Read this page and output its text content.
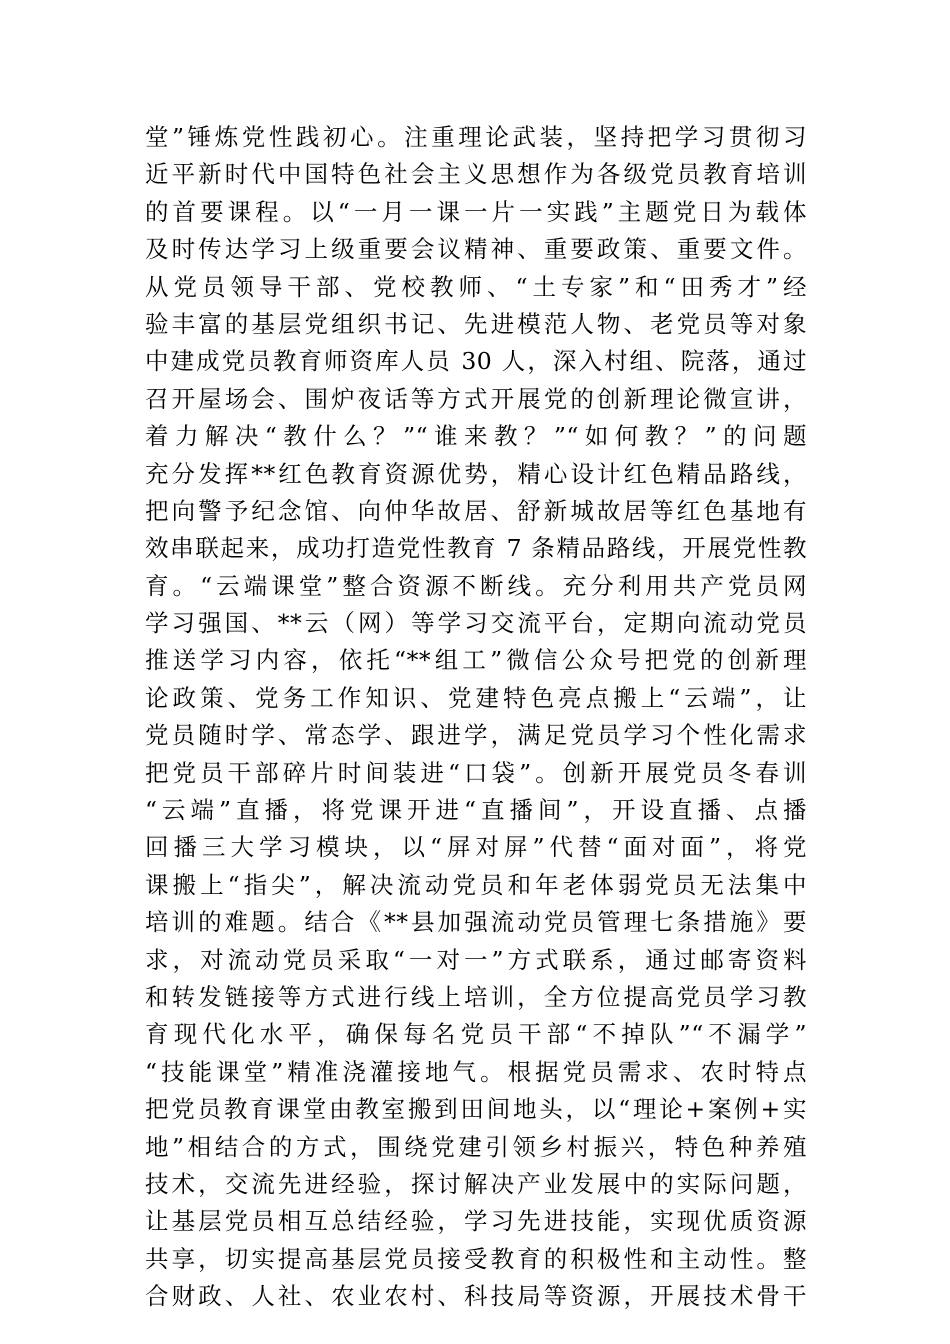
堂”锤炼党性践初心。注重理论武装，坚持把学习贯彻习
近平新时代中国特色社会主义思想作为各级党员教育培训
的首要课程。以“一月一课一片一实践”主题党日为载体
及时传达学习上级重要会议精神、重要政策、重要文件。
从党员领导干部、党校教师、“土专家”和“田秀才”经
验丰富的基层党组织书记、先进模范人物、老党员等对象
中建成党员教育师资库人员 30 人，深入村组、院落，通过
召开屋场会、围炉夜话等方式开展党的创新理论微宣讲，
着力解决“教什么？”“谁来教？”“如何教？”的问题
充分发挥**红色教育资源优势，精心设计红色精品路线，
把向警予纪念馆、向仲华故居、舒新城故居等红色基地有
效串联起来，成功打造党性教育 7 条精品路线，开展党性教
育。“云端课堂”整合资源不断线。充分利用共产党员网
学习强国、**云（网）等学习交流平台，定期向流动党员
推送学习内容，依托“**组工”微信公众号把党的创新理
论政策、党务工作知识、党建特色亮点搬上“云端”，让
党员随时学、常态学、跟进学，满足党员学习个性化需求
把党员干部碎片时间装进“口袋”。创新开展党员冬春训
“云端”直播，将党课开进“直播间”，开设直播、点播
回播三大学习模块，以“屏对屏”代替“面对面”，将党
课搬上“指尖”，解决流动党员和年老体弱党员无法集中
培训的难题。结合《**县加强流动党员管理七条措施》要
求，对流动党员采取“一对一”方式联系，通过邮寄资料
和转发链接等方式进行线上培训，全方位提高党员学习教
育现代化水平，确保每名党员干部“不掉队”“不漏学”
“技能课堂”精准浇灌接地气。根据党员需求、农时特点
把党员教育课堂由教室搬到田间地头，以“理论+案例+实
地”相结合的方式，围绕党建引领乡村振兴，特色种养殖
技术，交流先进经验，探讨解决产业发展中的实际问题，
让基层党员相互总结经验，学习先进技能，实现优质资源
共享，切实提高基层党员接受教育的积极性和主动性。整
合财政、人社、农业农村、科技局等资源，开展技术骨干
